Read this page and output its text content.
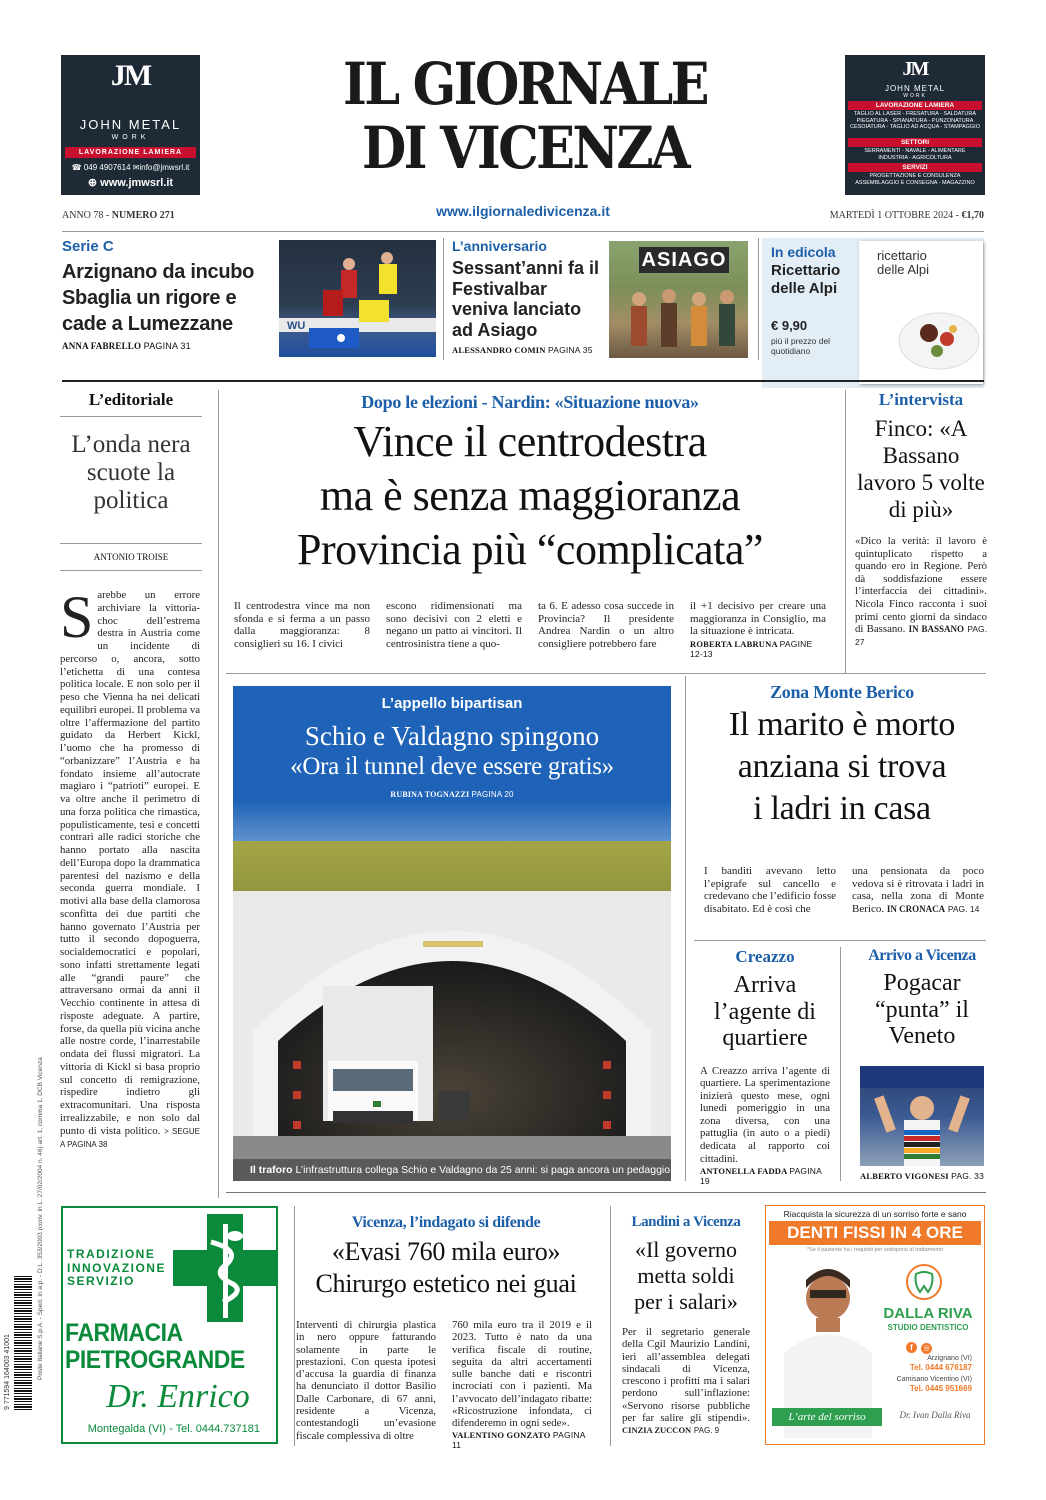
JM
JOHN METAL
WORK
LAVORAZIONE LAMIERA
☎ 049 4907614 ✉info@jmwsrl.it
⊕ www.jmwsrl.it
IL GIORNALE
DI VICENZA
JM
JOHN METAL
WORK
LAVORAZIONE LAMIERA
TAGLIO AL LASER - FRESATURA - SALDATURA
PIEGATURA - SPIANATURA - PUNZONATURA
CESOIATURA - TAGLIO AD ACQUA - STAMPAGGIO
SETTORI
SERRAMENTI - NAVALE - ALIMENTARE
INDUSTRIA - AGRICOLTURA
SERVIZI
PROGETTAZIONE E CONSULENZA
ASSEMBLAGGIO E CONSEGNA - MAGAZZINO
ANNO 78 - NUMERO 271	www.ilgiornaledivicenza.it	MARTEDÌ 1 OTTOBRE 2024 - €1,70
Serie C
Arzignano da incubo Sbaglia un rigore e cade a Lumezzane
ANNA FABRELLO PAGINA 31
WU
L’anniversario
Sessant’anni fa il Festivalbar veniva lanciato ad Asiago
ALESSANDRO COMIN PAGINA 35
ASIAGO	In edicola
Ricettario delle Alpi
€ 9,90
più il prezzo del quotidiano
ricettario delle Alpi
L’editoriale
L’onda nera scuote la politica
ANTONIO TROISE
Sarebbe un errore archiviare la vittoria-choc dell’estrema destra in Austria come un incidente di percorso o, ancora, sotto l’etichetta di una contesa politica locale. E non solo per il peso che Vienna ha nei delicati equilibri europei. Il problema va oltre l’affermazione del partito guidato da Herbert Kickl, l’uomo che ha promesso di “orbanizzare” l’Austria e ha fondato insieme all’autocrate magiaro i “patrioti” europei. E va oltre anche il perimetro di una forza politica che rimastica, populisticamente, tesi e concetti contrari alle radici storiche che hanno portato alla nascita dell’Europa dopo la drammatica parentesi del nazismo e della seconda guerra mondiale. I motivi alla base della clamorosa sconfitta dei due partiti che hanno governato l’Austria per tutto il secondo dopoguerra, socialdemocratici e popolari, sono infatti strettamente legati alle “grandi paure” che attraversano ormai da anni il Vecchio continente in attesa di risposte adeguate. A partire, forse, da quella più vicina anche alle nostre corde, l’inarrestabile ondata dei flussi migratori. La vittoria di Kickl si basa proprio sul concetto di remigrazione, rispedire indietro gli extracomunitari. Una risposta irrealizzabile, e non solo dal punto di vista politico. > SEGUE A PAGINA 38
Dopo le elezioni - Nardin: «Situazione nuova»
Vince il centrodestra
ma è senza maggioranza
Provincia più “complicata”
Il centrodestra vince ma non sfonda e si ferma a un passo dalla maggioranza: 8 consiglieri su 16. I civici
escono ridimensionati ma sono decisivi con 2 eletti e negano un patto ai vincitori. Il centrosinistra tiene a quo-
ta 6. E adesso cosa succede in Provincia? Il presidente Andrea Nardin o un altro consigliere potrebbero fare
il +1 decisivo per creare una maggioranza in Consiglio, ma la situazione è intricata.
ROBERTA LABRUNA PAGINE 12-13
L’intervista
Finco: «A Bassano lavoro 5 volte di più»
«Dico la verità: il lavoro è quintuplicato rispetto a quando ero in Regione. Però dà soddisfazione essere l’interfaccia dei cittadini». Nicola Finco racconta i suoi primi cento giorni da sindaco di Bassano. IN BASSANO PAG. 27
L’appello bipartisan
Schio e Valdagno spingono
«Ora il tunnel deve essere gratis»
RUBINA TOGNAZZI PAGINA 20
Il traforo L’infrastruttura collega Schio e Valdagno da 25 anni: si paga ancora un pedaggio
Zona Monte Berico
Il marito è morto
anziana si trova
i ladri in casa
I banditi avevano letto l’epigrafe sul cancello e credevano che l’edificio fosse disabitato. Ed è così che
una pensionata da poco vedova si è ritrovata i ladri in casa, nella zona di Monte Berico. IN CRONACA PAG. 14
Creazzo
Arriva l’agente di quartiere
A Creazzo arriva l’agente di quartiere. La sperimentazione inizierà questo mese, ogni lunedì pomeriggio in una zona diversa, con una pattuglia (in auto o a piedi) dedicata al rapporto coi cittadini.
ANTONELLA FADDA PAGINA 19
Arrivo a Vicenza
Pogacar “punta” il Veneto
ALBERTO VIGONESI PAG. 33
TRADIZIONE
INNOVAZIONE
SERVIZIO
FARMACIA
PIETROGRANDE
Dr. Enrico
Montegalda (VI) - Tel. 0444.737181
Vicenza, l’indagato si difende
«Evasi 760 mila euro»
Chirurgo estetico nei guai
Interventi di chirurgia plastica in nero oppure fatturando solamente in parte le prestazioni. Con questa ipotesi d’accusa la guardia di finanza ha denunciato il dottor Basilio Dalle Carbonare, di 67 anni, residente a Vicenza, contestandogli un’evasione fiscale complessiva di oltre
760 mila euro tra il 2019 e il 2023. Tutto è nato da una verifica fiscale di routine, seguita da altri accertamenti sulle banche dati e riscontri incrociati con i pazienti. Ma l’avvocato dell’indagato ribatte: «Ricostruzione infondata, ci difenderemo in ogni sede».
VALENTINO GONZATO PAGINA 11
Landini a Vicenza
«Il governo metta soldi per i salari»
Per il segretario generale della Cgil Maurizio Landini, ieri all’assemblea delegati sindacali di Vicenza, crescono i profitti ma i salari perdono sull’inflazione: «Servono risorse pubbliche per far salire gli stipendi». CINZIA ZUCCON PAG. 9
Riacquista la sicurezza di un sorriso forte e sano
DENTI FISSI IN 4 ORE
*Se il paziente ha i requisiti per sottoporsi al trattamento
DALLA RIVA
STUDIO DENTISTICO
f ◎
Arzignano (VI)
Tel. 0444 676187
Camisano Vicentino (VI)
Tel. 0445 951669
L’arte del sorriso	Dr. Ivan Dalla Riva
Poste Italiane S.p.A. - Sped. in a.p. - D.L. 353/2003 (conv. in L. 27/02/2004 n. 46) art. 1, comma 1, DCB Vicenza
9 771594 164003 41001
